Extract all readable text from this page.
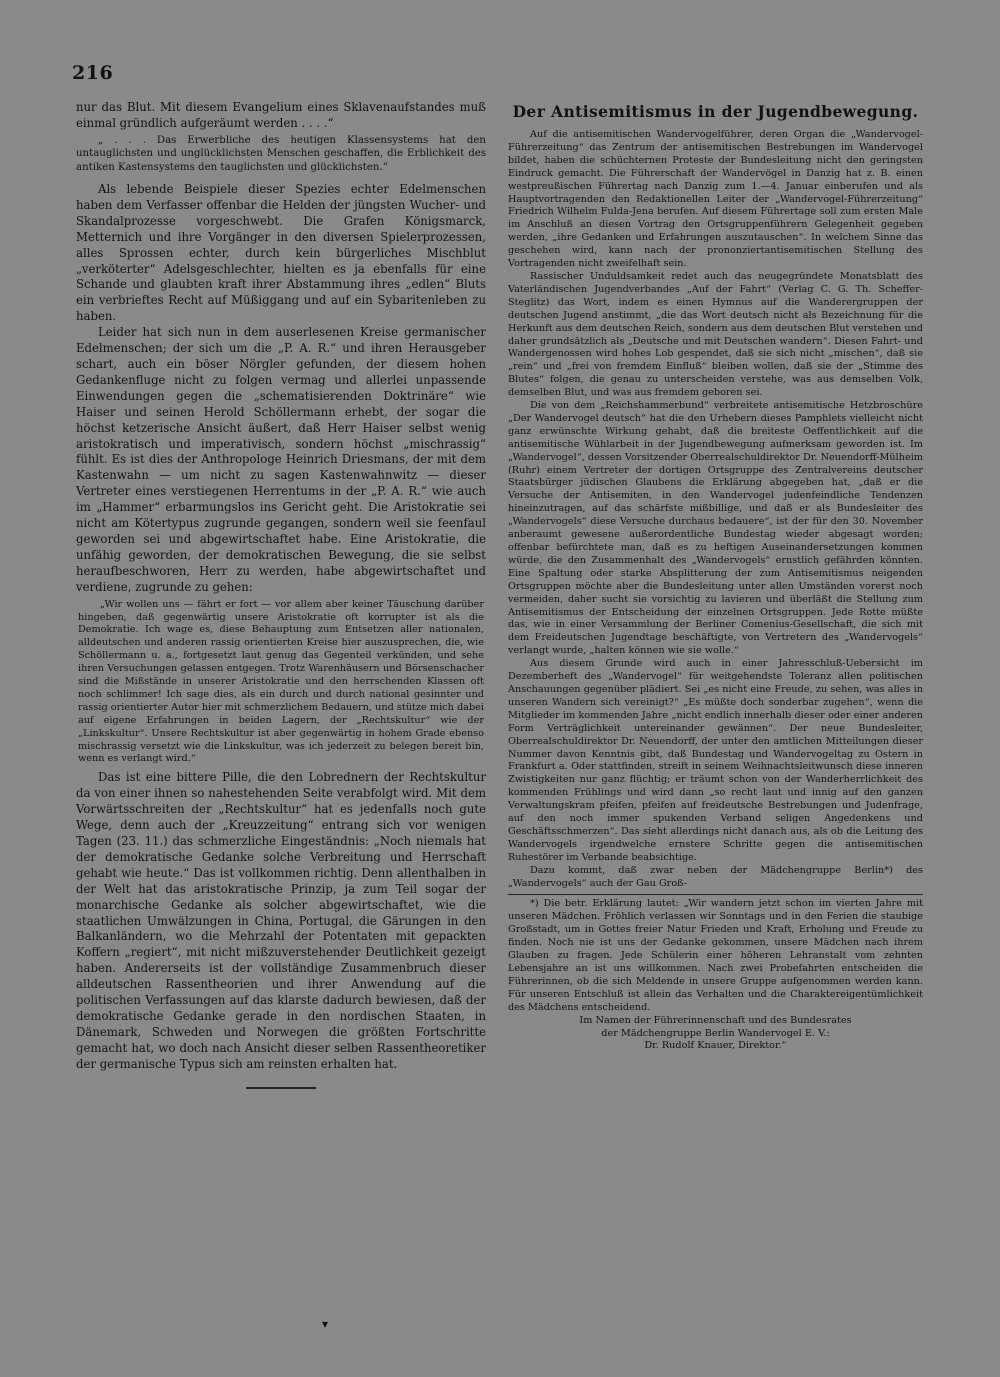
216

nur das Blut. Mit diesem Evangelium eines Sklavenaufstandes muß einmal gründlich aufgeräumt werden . . . .“

„ . . . Das Erwerbliche des heutigen Klassensystems hat den untauglichsten und unglücklichsten Menschen geschaffen, die Erblichkeit des antiken Kastensystems den tauglichsten und glücklichsten.“

Als lebende Beispiele dieser Spezies echter Edelmenschen haben dem Verfasser offenbar die Helden der jüngsten Wucher- und Skandalprozesse vorgeschwebt. Die Grafen Königsmarck, Metternich und ihre Vorgänger in den diversen Spielerprozessen, alles Sprossen echter, durch kein bürgerliches Mischblut „verköterter“ Adelsgeschlechter, hielten es ja ebenfalls für eine Schande und glaubten kraft ihrer Abstammung ihres „edlen“ Bluts ein verbrieftes Recht auf Müßiggang und auf ein Sybaritenleben zu haben.

Leider hat sich nun in dem auserlesenen Kreise germanischer Edelmenschen; der sich um die „P. A. R.“ und ihren Herausgeber schart, auch ein böser Nörgler gefunden, der diesem hohen Gedankenfluge nicht zu folgen vermag und allerlei unpassende Einwendungen gegen die „schematisierenden Doktrinäre“ wie Haiser und seinen Herold Schöllermann erhebt, der sogar die höchst ketzerische Ansicht äußert, daß Herr Haiser selbst wenig aristokratisch und imperativisch, sondern höchst „mischrassig“ fühlt. Es ist dies der Anthropologe Heinrich Driesmans, der mit dem Kastenwahn — um nicht zu sagen Kastenwahnwitz — dieser Vertreter eines verstiegenen Herrentums in der „P. A. R.“ wie auch im „Hammer“ erbarmungslos ins Gericht geht. Die Aristokratie sei nicht am Kötertypus zugrunde gegangen, sondern weil sie feenfaul geworden sei und abgewirtschaftet habe. Eine Aristokratie, die unfähig geworden, der demokratischen Bewegung, die sie selbst heraufbeschworen, Herr zu werden, habe abgewirtschaftet und verdiene, zugrunde zu gehen:

„Wir wollen uns — fährt er fort — vor allem aber keiner Täuschung darüber hingeben, daß gegenwärtig unsere Aristokratie oft korrupter ist als die Demokratie. Ich wage es, diese Behauptung zum Entsetzen aller nationalen, alldeutschen und anderen rassig orientierten Kreise hier auszusprechen, die, wie Schöllermann u. a., fortgesetzt laut genug das Gegenteil verkünden, und sehe ihren Versuchungen gelassen entgegen. Trotz Warenhäusern und Börsenschacher sind die Mißstände in unserer Aristokratie und den herrschenden Klassen oft noch schlimmer! Ich sage dies, als ein durch und durch national gesinnter und rassig orientierter Autor hier mit schmerzlichem Bedauern, und stütze mich dabei auf eigene Erfahrungen in beiden Lagern, der „Rechtskultur“ wie der „Linkskultur“. Unsere Rechtskultur ist aber gegenwärtig in hohem Grade ebenso mischrassig versetzt wie die Linkskultur, was ich jederzeit zu belegen bereit bin, wenn es verlangt wird.“

Das ist eine bittere Pille, die den Lobrednern der Rechtskultur da von einer ihnen so nahestehenden Seite verabfolgt wird. Mit dem Vorwärtsschreiten der „Rechtskultur“ hat es jedenfalls noch gute Wege, denn auch der „Kreuzzeitung“ entrang sich vor wenigen Tagen (23. 11.) das schmerzliche Eingeständnis: „Noch niemals hat der demokratische Gedanke solche Verbreitung und Herrschaft gehabt wie heute.“ Das ist vollkommen richtig. Denn allenthalben in der Welt hat das aristokratische Prinzip, ja zum Teil sogar der monarchische Gedanke als solcher abgewirtschaftet, wie die staatlichen Umwälzungen in China, Portugal, die Gärungen in den Balkanländern, wo die Mehrzahl der Potentaten mit gepackten Koffern „regiert“, mit nicht mißzuverstehender Deutlichkeit gezeigt haben. Andererseits ist der vollständige Zusammenbruch dieser alldeutschen Rassentheorien und ihrer Anwendung auf die politischen Verfassungen auf das klarste dadurch bewiesen, daß der demokratische Gedanke gerade in den nordischen Staaten, in Dänemark, Schweden und Norwegen die größten Fortschritte gemacht hat, wo doch nach Ansicht dieser selben Rassentheoretiker der germanische Typus sich am reinsten erhalten hat.

Der Antisemitismus in der Jugendbewegung.

Auf die antisemitischen Wandervogelführer, deren Organ die „Wandervogel-Führerzeitung“ das Zentrum der antisemitischen Bestrebungen im Wandervogel bildet, haben die schüchternen Proteste der Bundesleitung nicht den geringsten Eindruck gemacht. Die Führerschaft der Wandervögel in Danzig hat z. B. einen westpreußischen Führertag nach Danzig zum 1.—4. Januar einberufen und als Hauptvortragenden den Redaktionellen Leiter der „Wandervogel-Führerzeitung“ Friedrich Wilhelm Fulda-Jena berufen. Auf diesem Führertage soll zum ersten Male im Anschluß an diesen Vortrag den Ortsgruppenführern Gelegenheit gegeben werden, „ihre Gedanken und Erfahrungen auszutauschen“. In welchem Sinne das geschehen wird, kann nach der prononziertantisemitischen Stellung des Vortragenden nicht zweifelhaft sein.

Rassischer Unduldsamkeit redet auch das neugegründete Monatsblatt des Vaterländischen Jugendverbandes „Auf der Fahrt“ (Verlag C. G. Th. Scheffer-Steglitz) das Wort, indem es einen Hymnus auf die Wanderergruppen der deutschen Jugend anstimmt, „die das Wort deutsch nicht als Bezeichnung für die Herkunft aus dem deutschen Reich, sondern aus dem deutschen Blut verstehen und daher grundsätzlich als „Deutsche und mit Deutschen wandern“. Diesen Fahrt- und Wandergenossen wird hohes Lob gespendet, daß sie sich nicht „mischen“, daß sie „rein“ und „frei von fremdem Einfluß“ bleiben wollen, daß sie der „Stimme des Blutes“ folgen, die genau zu unterscheiden verstehe, was aus demselben Volk, demselben Blut, und was aus fremdem geboren sei.

Die von dem „Reichshammerbund“ verbreitete antisemitische Hetzbroschüre „Der Wandervogel deutsch“ hat die den Urhebern dieses Pamphlets vielleicht nicht ganz erwünschte Wirkung gehabt, daß die breiteste Oeffentlichkeit auf die antisemitische Wühlarbeit in der Jugendbewegung aufmerksam geworden ist. Im „Wandervogel“, dessen Vorsitzender Oberrealschuldirektor Dr. Neuendorff-Mülheim (Ruhr) einem Vertreter der dortigen Ortsgruppe des Zentralvereins deutscher Staatsbürger jüdischen Glaubens die Erklärung abgegeben hat, „daß er die Versuche der Antisemiten, in den Wandervogel judenfeindliche Tendenzen hineinzutragen, auf das schärfste mißbillige, und daß er als Bundesleiter des „Wandervogels“ diese Versuche durchaus bedauere“, ist der für den 30. November anberaumt gewesene außerordentliche Bundestag wieder abgesagt worden; offenbar befürchtete man, daß es zu heftigen Auseinandersetzungen kommen würde, die den Zusammenhalt des „Wandervogels“ ernstlich gefährden könnten. Eine Spaltung oder starke Absplitterung der zum Antisemitismus neigenden Ortsgruppen möchte aber die Bundesleitung unter allen Umständen vorerst noch vermeiden, daher sucht sie vorsichtig zu lavieren und überläßt die Stellung zum Antisemitismus der Entscheidung der einzelnen Ortsgruppen. Jede Rotte müßte das, wie in einer Versammlung der Berliner Comenius-Gesellschaft, die sich mit dem Freideutschen Jugendtage beschäftigte, von Vertretern des „Wandervogels“ verlangt wurde, „halten können wie sie wolle.“

Aus diesem Grunde wird auch in einer Jahresschluß-Uebersicht im Dezemberheft des „Wandervogel“ für weitgehendste Toleranz allen politischen Anschauungen gegenüber plädiert. Sei „es nicht eine Freude, zu sehen, was alles in unseren Wandern sich vereinigt?“ „Es müßte doch sonderbar zugehen“, wenn die Mitglieder im kommenden Jahre „nicht endlich innerhalb dieser oder einer anderen Form Verträglichkeit untereinander gewännen“. Der neue Bundesleiter, Oberrealschuldirektor Dr. Neuendorff, der unter den amtlichen Mitteilungen dieser Nummer davon Kenntnis gibt, daß Bundestag und Wandervogeltag zu Ostern in Frankfurt a. Oder stattfinden, streift in seinem Weihnachtsleitwunsch diese inneren Zwistigkeiten nur ganz flüchtig; er träumt schon von der Wanderherrlichkeit des kommenden Frühlings und wird dann „so recht laut und innig auf den ganzen Verwaltungskram pfeifen, pfeifen auf freideutsche Bestrebungen und Judenfrage, auf den noch immer spukenden Verband seligen Angedenkens und Geschäftsschmerzen“. Das sieht allerdings nicht danach aus, als ob die Leitung des Wandervogels irgendwelche ernstere Schritte gegen die antisemitischen Ruhestörer im Verbande beabsichtige.

Dazu kommt, daß zwar neben der Mädchengruppe Berlin*) des „Wandervogels“ auch der Gau Groß-

*) Die betr. Erklärung lautet: „Wir wandern jetzt schon im vierten Jahre mit unseren Mädchen. Fröhlich verlassen wir Sonntags und in den Ferien die staubige Großstadt, um in Gottes freier Natur Frieden und Kraft, Erholung und Freude zu finden. Noch nie ist uns der Gedanke gekommen, unsere Mädchen nach ihrem Glauben zu fragen. Jede Schülerin einer höheren Lehranstalt vom zehnten Lebensjahre an ist uns willkommen. Nach zwei Probefahrten entscheiden die Führerinnen, ob die sich Meldende in unsere Gruppe aufgenommen werden kann. Für unseren Entschluß ist allein das Verhalten und die Charaktereigentümlichkeit des Mädchens entscheidend.

Im Namen der Führerinnenschaft und des Bundesrates

der Mädchengruppe Berlin Wandervogel E. V.:

Dr. Rudolf Knauer, Direktor.“

▾
